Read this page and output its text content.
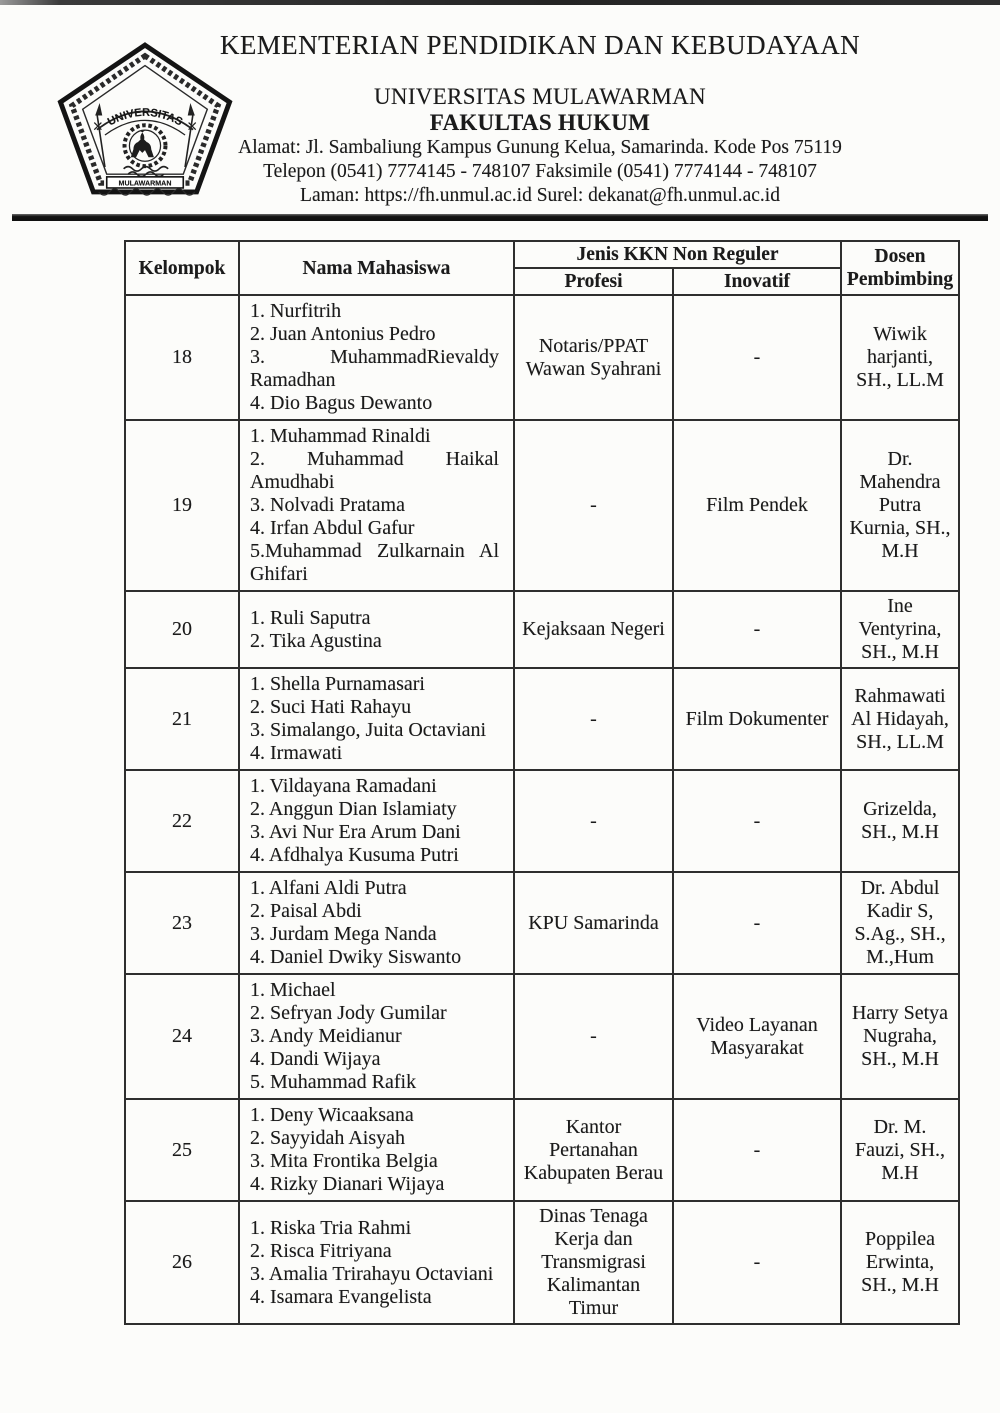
UNIVERSITAS
MULAWARMAN
KEMENTERIAN PENDIDIKAN DAN KEBUDAYAAN
UNIVERSITAS MULAWARMAN
FAKULTAS HUKUM
Alamat: Jl. Sambaliung Kampus Gunung Kelua, Samarinda. Kode Pos 75119
Telepon (0541) 7774145 - 748107 Faksimile (0541) 7774144 - 748107
Laman: https://fh.unmul.ac.id Surel: dekanat@fh.unmul.ac.id
Kelompok	Nama Mahasiswa	Jenis KKN Non Reguler		Dosen Pembimbing
		Profesi	Inovatif	
18	1. Nurfitrih
2. Juan Antonius Pedro
3. MuhammadRievaldy Ramadhan
4. Dio Bagus Dewanto	Notaris/PPAT Wawan Syahrani	-	Wiwik harjanti, SH., LL.M
19	1. Muhammad Rinaldi
2. Muhammad Haikal Amudhabi
3. Nolvadi Pratama
4. Irfan Abdul Gafur
5.Muhammad Zulkarnain Al Ghifari	-	Film Pendek	Dr. Mahendra Putra Kurnia, SH., M.H
20	1. Ruli Saputra
2. Tika Agustina	Kejaksaan Negeri	-	Ine Ventyrina, SH., M.H
21	1. Shella Purnamasari
2. Suci Hati Rahayu
3. Simalango, Juita Octaviani
4. Irmawati	-	Film Dokumenter	Rahmawati Al Hidayah, SH., LL.M
22	1. Vildayana Ramadani
2. Anggun Dian Islamiaty
3. Avi Nur Era Arum Dani
4. Afdhalya Kusuma Putri	-	-	Grizelda, SH., M.H
23	1. Alfani Aldi Putra
2. Paisal Abdi
3. Jurdam Mega Nanda
4. Daniel Dwiky Siswanto	KPU Samarinda	-	Dr. Abdul Kadir S, S.Ag., SH., M.,Hum
24	1. Michael
2. Sefryan Jody Gumilar
3. Andy Meidianur
4. Dandi Wijaya
5. Muhammad Rafik	-	Video Layanan Masyarakat	Harry Setya Nugraha, SH., M.H
25	1. Deny Wicaaksana
2. Sayyidah Aisyah
3. Mita Frontika Belgia
4. Rizky Dianari Wijaya	Kantor Pertanahan Kabupaten Berau	-	Dr. M. Fauzi, SH., M.H
26	1. Riska Tria Rahmi
2. Risca Fitriyana
3. Amalia Trirahayu Octaviani
4. Isamara Evangelista	Dinas Tenaga Kerja dan Transmigrasi Kalimantan Timur	-	Poppilea Erwinta, SH., M.H
